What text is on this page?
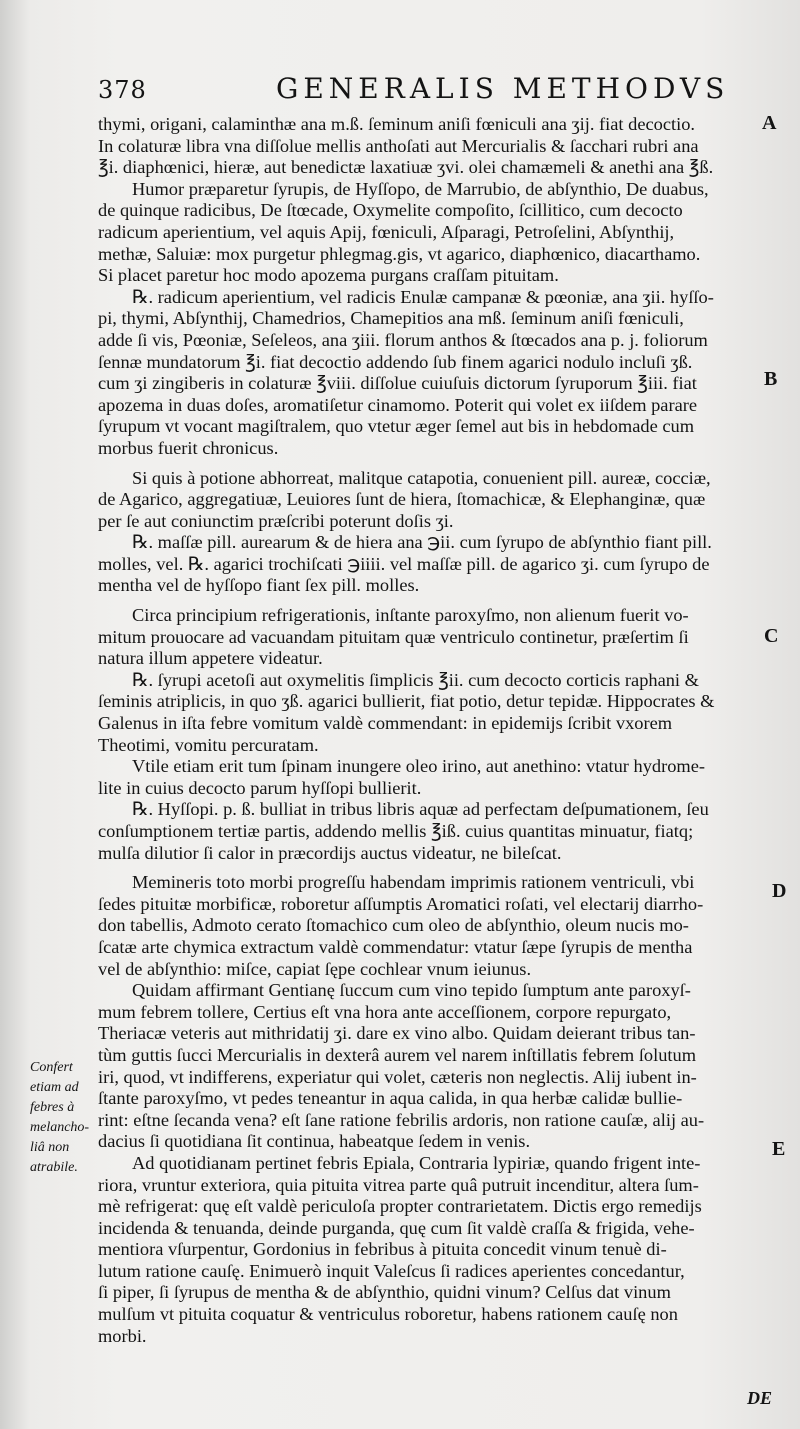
378	GENERALIS METHODVS
thymi, origani, calaminthæ ana m.ß. ſeminum aniſi fœniculi ana ʒij. fiat decoctio.
In colaturæ libra vna diſſolue mellis anthoſati aut Mercurialis & ſacchari rubri ana
℥i. diaphœnici, hieræ, aut benedictæ laxatiuæ ʒvi. olei chamæmeli & anethi ana ℥ß.
Humor præparetur ſyrupis, de Hyſſopo, de Marrubio, de abſynthio, De duabus,
de quinque radicibus, De ſtœcade, Oxymelite compoſito, ſcillitico, cum decocto
radicum aperientium, vel aquis Apij, fœniculi, Aſparagi, Petroſelini, Abſynthij,
methæ, Saluiæ: mox purgetur phlegmag.gis, vt agarico, diaphœnico, diacarthamo.
Si placet paretur hoc modo apozema purgans craſſam pituitam.
℞. radicum aperientium, vel radicis Enulæ campanæ & pœoniæ, ana ʒii. hyſſo-
pi, thymi, Abſynthij, Chamedrios, Chamepitios ana mß. ſeminum aniſi fœniculi,
adde ſi vis, Pœoniæ, Seſeleos, ana ʒiii. florum anthos & ſtœcados ana p. j. foliorum
ſennæ mundatorum ℥i. fiat decoctio addendo ſub finem agarici nodulo incluſi ʒß.
cum ʒi zingiberis in colaturæ ℥viii. diſſolue cuiuſuis dictorum ſyruporum ℥iii. fiat
apozema in duas doſes, aromatiſetur cinamomo. Poterit qui volet ex iiſdem parare
ſyrupum vt vocant magiſtralem, quo vtetur æger ſemel aut bis in hebdomade cum
morbus fuerit chronicus.
Si quis à potione abhorreat, malitque catapotia, conuenient pill. aureæ, cocciæ,
de Agarico, aggregatiuæ, Leuiores ſunt de hiera, ſtomachicæ, & Elephanginæ, quæ
per ſe aut coniunctim præſcribi poterunt doſis ʒi.
℞. maſſæ pill. aurearum & de hiera ana ℈ii. cum ſyrupo de abſynthio fiant pill.
molles, vel. ℞. agarici trochiſcati ℈iiii. vel maſſæ pill. de agarico ʒi. cum ſyrupo de
mentha vel de hyſſopo fiant ſex pill. molles.
Circa principium refrigerationis, inſtante paroxyſmo, non alienum fuerit vo-
mitum prouocare ad vacuandam pituitam quæ ventriculo continetur, præſertim ſi
natura illum appetere videatur.
℞. ſyrupi acetoſi aut oxymelitis ſimplicis ℥ii. cum decocto corticis raphani &
ſeminis atriplicis, in quo ʒß. agarici bullierit, fiat potio, detur tepidæ. Hippocrates &
Galenus in iſta febre vomitum valdè commendant: in epidemijs ſcribit vxorem
Theotimi, vomitu percuratam.
Vtile etiam erit tum ſpinam inungere oleo irino, aut anethino: vtatur hydrome-
lite in cuius decocto parum hyſſopi bullierit.
℞. Hyſſopi. p. ß. bulliat in tribus libris aquæ ad perfectam deſpumationem, ſeu
conſumptionem tertiæ partis, addendo mellis ℥iß. cuius quantitas minuatur, fiatq;
mulſa dilutior ſi calor in præcordijs auctus videatur, ne bileſcat.
Memineris toto morbi progreſſu habendam imprimis rationem ventriculi, vbi
ſedes pituitæ morbificæ, roboretur aſſumptis Aromatici roſati, vel electarij diarrho-
don tabellis, Admoto cerato ſtomachico cum oleo de abſynthio, oleum nucis mo-
ſcatæ arte chymica extractum valdè commendatur: vtatur ſæpe ſyrupis de mentha
vel de abſynthio: miſce, capiat ſępe cochlear vnum ieiunus.
Quidam affirmant Gentianę ſuccum cum vino tepido ſumptum ante paroxyſ-
mum febrem tollere, Certius eſt vna hora ante acceſſionem, corpore repurgato,
Theriacæ veteris aut mithridatij ʒi. dare ex vino albo. Quidam deierant tribus tan-
tùm guttis ſucci Mercurialis in dexterâ aurem vel narem inſtillatis febrem ſolutum
iri, quod, vt indifferens, experiatur qui volet, cæteris non neglectis. Alij iubent in-
ſtante paroxyſmo, vt pedes teneantur in aqua calida, in qua herbæ calidæ bullie-
rint: eſtne ſecanda vena? eſt ſane ratione febrilis ardoris, non ratione cauſæ, alij au-
dacius ſi quotidiana ſit continua, habeatque ſedem in venis.
Ad quotidianam pertinet febris Epiala, Contraria lypiriæ, quando frigent inte-
riora, vruntur exteriora, quia pituita vitrea parte quâ putruit incenditur, altera ſum-
mè refrigerat: quę eſt valdè periculoſa propter contrarietatem. Dictis ergo remedijs
incidenda & tenuanda, deinde purganda, quę cum ſit valdè craſſa & frigida, vehe-
mentiora vſurpentur, Gordonius in febribus à pituita concedit vinum tenuè di-
lutum ratione cauſę. Enimuerò inquit Valeſcus ſi radices aperientes concedantur,
ſi piper, ſi ſyrupus de mentha & de abſynthio, quidni vinum? Celſus dat vinum
mulſum vt pituita coquatur & ventriculus roboretur, habens rationem cauſę non
morbi.
A
B
C
D
E
Confert
etiam ad
febres à
melancho-
liâ non
atrabile.
DE
